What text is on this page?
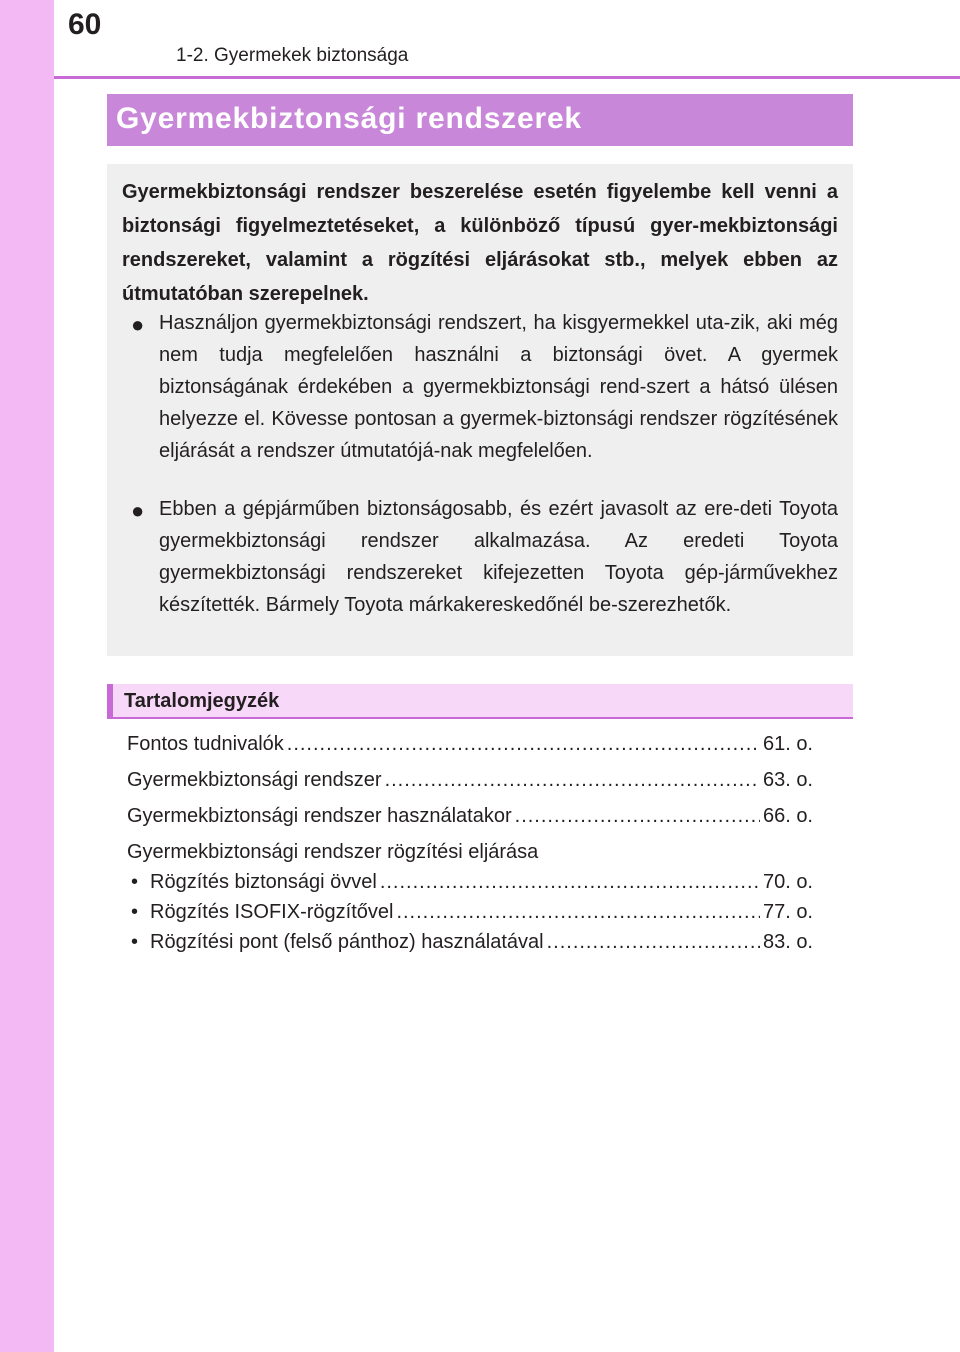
60
1-2. Gyermekek biztonsága
Gyermekbiztonsági rendszerek

Gyermekbiztonsági rendszer beszerelése esetén figyelembe kell venni a biztonsági figyelmeztetéseket, a különböző típusú gyer-mekbiztonsági rendszereket, valamint a rögzítési eljárásokat stb., melyek ebben az útmutatóban szerepelnek.

● Használjon gyermekbiztonsági rendszert, ha kisgyermekkel uta-zik, aki még nem tudja megfelelően használni a biztonsági övet. A gyermek biztonságának érdekében a gyermekbiztonsági rend-szert a hátsó ülésen helyezze el. Kövesse pontosan a gyermek-biztonsági rendszer rögzítésének eljárását a rendszer útmutatójá-nak megfelelően.
● Ebben a gépjárműben biztonságosabb, és ezért javasolt az ere-deti Toyota gyermekbiztonsági rendszer alkalmazása. Az eredeti Toyota gyermekbiztonsági rendszereket kifejezetten Toyota gép-járművekhez készítették. Bármely Toyota márkakereskedőnél be-szerezhetők.
Tartalomjegyzék
Fontos tudnivalók .....	61. o.
Gyermekbiztonsági rendszer .....	63. o.
Gyermekbiztonsági rendszer használatakor .....	66. o.
Gyermekbiztonsági rendszer rögzítési eljárása
• Rögzítés biztonsági övvel .....	70. o.
• Rögzítés ISOFIX-rögzítővel .....	77. o.
• Rögzítési pont (felső pánthoz) használatával .....	83. o.
